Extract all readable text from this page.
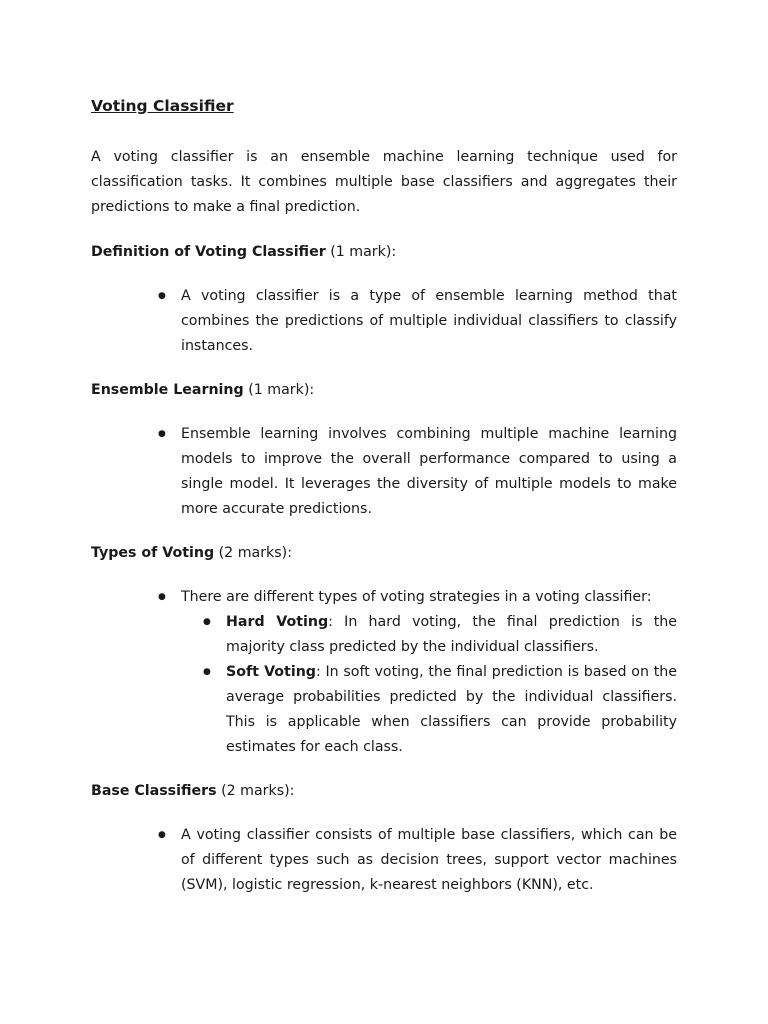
Voting Classifier

A voting classifier is an ensemble machine learning technique used for classification tasks. It combines multiple base classifiers and aggregates their predictions to make a final prediction.

Definition of Voting Classifier (1 mark):
● A voting classifier is a type of ensemble learning method that combines the predictions of multiple individual classifiers to classify instances.
Ensemble Learning (1 mark):
● Ensemble learning involves combining multiple machine learning models to improve the overall performance compared to using a single model. It leverages the diversity of multiple models to make more accurate predictions.
Types of Voting (2 marks):
● There are different types of voting strategies in a voting classifier:
● Hard Voting: In hard voting, the final prediction is the majority class predicted by the individual classifiers.
● Soft Voting: In soft voting, the final prediction is based on the average probabilities predicted by the individual classifiers. This is applicable when classifiers can provide probability estimates for each class.
Base Classifiers (2 marks):
● A voting classifier consists of multiple base classifiers, which can be of different types such as decision trees, support vector machines (SVM), logistic regression, k-nearest neighbors (KNN), etc.
